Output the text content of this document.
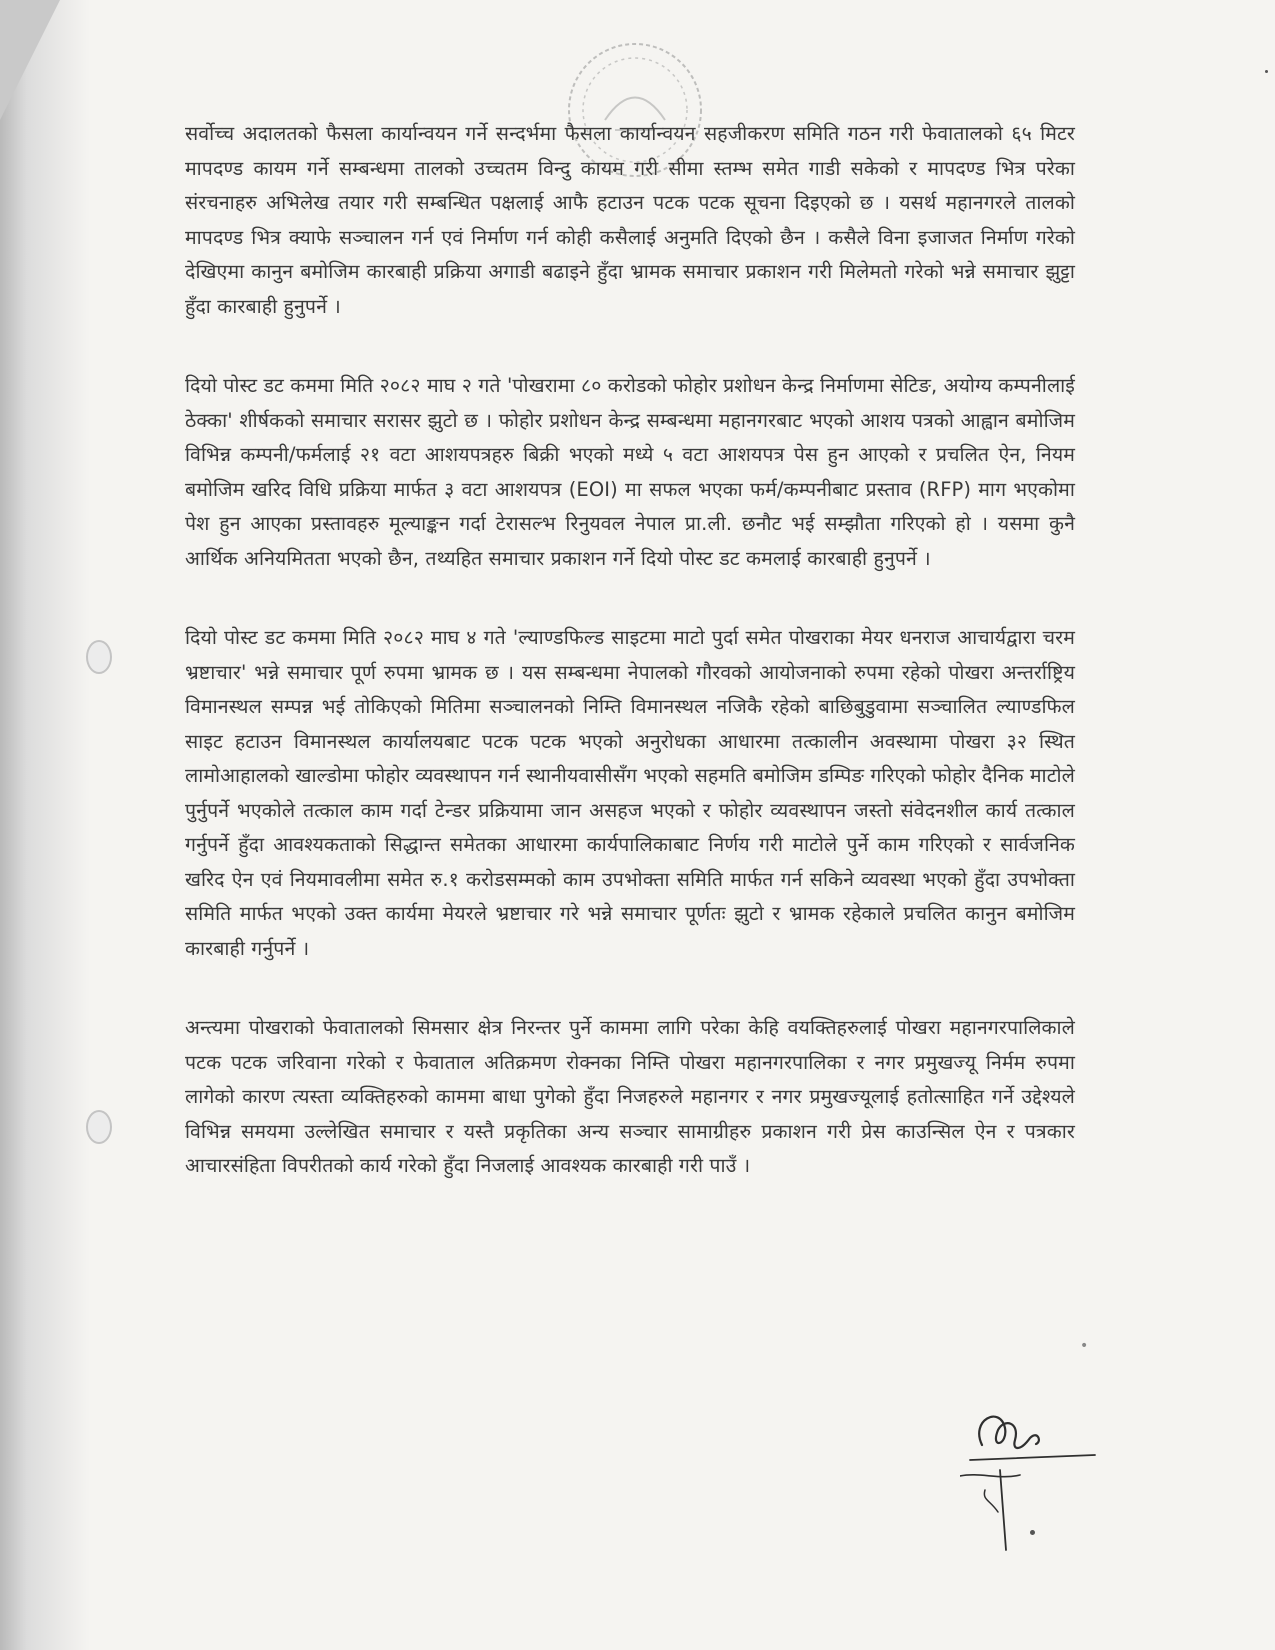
सर्वोच्च अदालतको फैसला कार्यान्वयन गर्ने सन्दर्भमा फैसला कार्यान्वयन सहजीकरण समिति गठन गरी फेवातालको ६५ मिटर मापदण्ड कायम गर्ने सम्बन्धमा तालको उच्चतम विन्दु कायम गरी सीमा स्तम्भ समेत गाडी सकेको र मापदण्ड भित्र परेका संरचनाहरु अभिलेख तयार गरी सम्बन्धित पक्षलाई आफै हटाउन पटक पटक सूचना दिइएको छ । यसर्थ महानगरले तालको मापदण्ड भित्र क्याफे सञ्चालन गर्न एवं निर्माण गर्न कोही कसैलाई अनुमति दिएको छैन । कसैले विना इजाजत निर्माण गरेको देखिएमा कानुन बमोजिम कारबाही प्रक्रिया अगाडी बढाइने हुँदा भ्रामक समाचार प्रकाशन गरी मिलेमतो गरेको भन्ने समाचार झुट्टा हुँदा कारबाही हुनुपर्ने ।

दियो पोस्ट डट कममा मिति २०८२ माघ २ गते 'पोखरामा ८० करोडको फोहोर प्रशोधन केन्द्र निर्माणमा सेटिङ, अयोग्य कम्पनीलाई ठेक्का' शीर्षकको समाचार सरासर झुटो छ । फोहोर प्रशोधन केन्द्र सम्बन्धमा महानगरबाट भएको आशय पत्रको आह्वान बमोजिम विभिन्न कम्पनी/फर्मलाई २१ वटा आशयपत्रहरु बिक्री भएको मध्ये ५ वटा आशयपत्र पेस हुन आएको र प्रचलित ऐन, नियम बमोजिम खरिद विधि प्रक्रिया मार्फत ३ वटा आशयपत्र (EOI) मा सफल भएका फर्म/कम्पनीबाट प्रस्ताव (RFP) माग भएकोमा पेश हुन आएका प्रस्तावहरु मूल्याङ्कन गर्दा टेरासल्भ रिनुयवल नेपाल प्रा.ली. छनौट भई सम्झौता गरिएको हो । यसमा कुनै आर्थिक अनियमितता भएको छैन, तथ्यहित समाचार प्रकाशन गर्ने दियो पोस्ट डट कमलाई कारबाही हुनुपर्ने ।

दियो पोस्ट डट कममा मिति २०८२ माघ ४ गते 'ल्याण्डफिल्ड साइटमा माटो पुर्दा समेत पोखराका मेयर धनराज आचार्यद्वारा चरम भ्रष्टाचार' भन्ने समाचार पूर्ण रुपमा भ्रामक छ । यस सम्बन्धमा नेपालको गौरवको आयोजनाको रुपमा रहेको पोखरा अन्तर्राष्ट्रिय विमानस्थल सम्पन्न भई तोकिएको मितिमा सञ्चालनको निम्ति विमानस्थल नजिकै रहेको बाछिबुडुवामा सञ्चालित ल्याण्डफिल साइट हटाउन विमानस्थल कार्यालयबाट पटक पटक भएको अनुरोधका आधारमा तत्कालीन अवस्थामा पोखरा ३२ स्थित लामोआहालको खाल्डोमा फोहोर व्यवस्थापन गर्न स्थानीयवासीसँग भएको सहमति बमोजिम डम्पिङ गरिएको फोहोर दैनिक माटोले पुर्नुपर्ने भएकोले तत्काल काम गर्दा टेन्डर प्रक्रियामा जान असहज भएको र फोहोर व्यवस्थापन जस्तो संवेदनशील कार्य तत्काल गर्नुपर्ने हुँदा आवश्यकताको सिद्धान्त समेतका आधारमा कार्यपालिकाबाट निर्णय गरी माटोले पुर्ने काम गरिएको र सार्वजनिक खरिद ऐन एवं नियमावलीमा समेत रु.१ करोडसम्मको काम उपभोक्ता समिति मार्फत गर्न सकिने व्यवस्था भएको हुँदा उपभोक्ता समिति मार्फत भएको उक्त कार्यमा मेयरले भ्रष्टाचार गरे भन्ने समाचार पूर्णतः झुटो र भ्रामक रहेकाले प्रचलित कानुन बमोजिम कारबाही गर्नुपर्ने ।

अन्त्यमा पोखराको फेवातालको सिमसार क्षेत्र निरन्तर पुर्ने काममा लागि परेका केहि वयक्तिहरुलाई पोखरा महानगरपालिकाले पटक पटक जरिवाना गरेको र फेवाताल अतिक्रमण रोक्नका निम्ति पोखरा महानगरपालिका र नगर प्रमुखज्यू निर्मम रुपमा लागेको कारण त्यस्ता व्यक्तिहरुको काममा बाधा पुगेको हुँदा निजहरुले महानगर र नगर प्रमुखज्यूलाई हतोत्साहित गर्ने उद्देश्यले विभिन्न समयमा उल्लेखित समाचार र यस्तै प्रकृतिका अन्य सञ्चार सामाग्रीहरु प्रकाशन गरी प्रेस काउन्सिल ऐन र पत्रकार आचारसंहिता विपरीतको कार्य गरेको हुँदा निजलाई आवश्यक कारबाही गरी पाउँ ।

•
